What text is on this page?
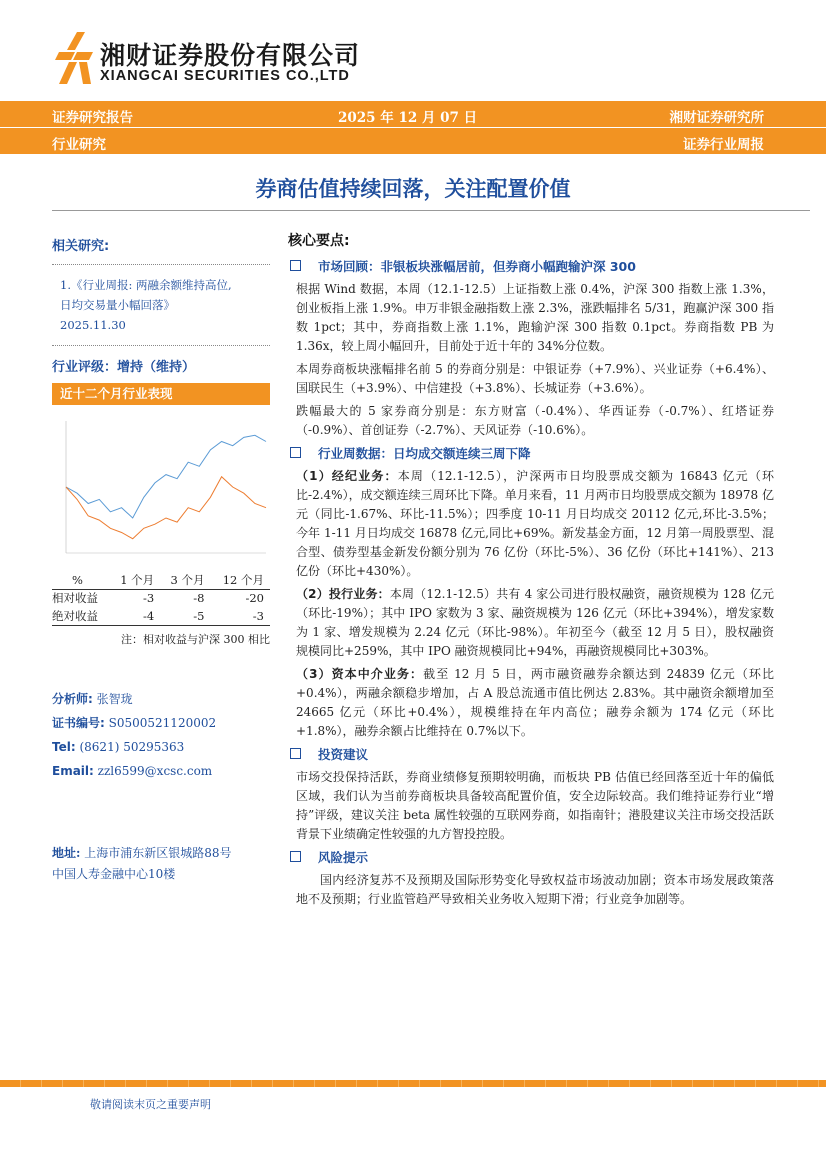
湘财证券股份有限公司
XIANGCAI SECURITIES CO.,LTD
证券研究报告	2025 年 12 月 07 日	湘财证券研究所
行业研究	证券行业周报
券商估值持续回落，关注配置价值
相关研究:
1.《行业周报: 两融余额维持高位,
日均交易量小幅回落》
2025.11.30
行业评级：增持（维持）
近十二个月行业表现
%	1 个月	3 个月	12 个月
相对收益	-3	-8	-20
绝对收益	-4	-5	-3
注：相对收益与沪深 300 相比
分析师: 张智珑
证书编号: S0500521120002
Tel: (8621) 50295363
Email: zzl6599@xcsc.com
地址: 上海市浦东新区银城路88号
中国人寿金融中心10楼
核心要点:
市场回顾：非银板块涨幅居前，但券商小幅跑输沪深 300
根据 Wind 数据，本周（12.1-12.5）上证指数上涨 0.4%，沪深 300 指数上涨 1.3%，创业板指上涨 1.9%。申万非银金融指数上涨 2.3%，涨跌幅排名 5/31，跑赢沪深 300 指数 1pct；其中，券商指数上涨 1.1%，跑输沪深 300 指数 0.1pct。券商指数 PB 为 1.36x，较上周小幅回升，目前处于近十年的 34%分位数。
本周券商板块涨幅排名前 5 的券商分别是：中银证券（+7.9%）、兴业证券（+6.4%）、国联民生（+3.9%）、中信建投（+3.8%）、长城证券（+3.6%）。
跌幅最大的 5 家券商分别是：东方财富（-0.4%）、华西证券（-0.7%）、红塔证券（-0.9%）、首创证券（-2.7%）、天风证券（-10.6%）。
行业周数据：日均成交额连续三周下降
（1）经纪业务：本周（12.1-12.5），沪深两市日均股票成交额为 16843 亿元（环比-2.4%），成交额连续三周环比下降。单月来看，11 月两市日均股票成交额为 18978 亿元（同比-1.67%、环比-11.5%）；四季度 10-11 月日均成交 20112 亿元,环比-3.5%；今年 1-11 月日均成交 16878 亿元,同比+69%。新发基金方面，12 月第一周股票型、混合型、债券型基金新发份额分别为 76 亿份（环比-5%）、36 亿份（环比+141%）、213 亿份（环比+430%）。
（2）投行业务：本周（12.1-12.5）共有 4 家公司进行股权融资，融资规模为 128 亿元（环比-19%）；其中 IPO 家数为 3 家、融资规模为 126 亿元（环比+394%），增发家数为 1 家、增发规模为 2.24 亿元（环比-98%）。年初至今（截至 12 月 5 日），股权融资规模同比+259%，其中 IPO 融资规模同比+94%，再融资规模同比+303%。
（3）资本中介业务：截至 12 月 5 日，两市融资融券余额达到 24839 亿元（环比+0.4%），两融余额稳步增加，占 A 股总流通市值比例达 2.83%。其中融资余额增加至 24665 亿元（环比+0.4%），规模维持在年内高位；融券余额为 174 亿元（环比+1.8%），融券余额占比维持在 0.7%以下。
投资建议
市场交投保持活跃，券商业绩修复预期较明确，而板块 PB 估值已经回落至近十年的偏低区域，我们认为当前券商板块具备较高配置价值，安全边际较高。我们维持证券行业“增持”评级，建议关注 beta 属性较强的互联网券商，如指南针；港股建议关注市场交投活跃背景下业绩确定性较强的九方智投控股。
风险提示
国内经济复苏不及预期及国际形势变化导致权益市场波动加剧；资本市场发展政策落地不及预期；行业监管趋严导致相关业务收入短期下滑；行业竞争加剧等。
敬请阅读末页之重要声明
